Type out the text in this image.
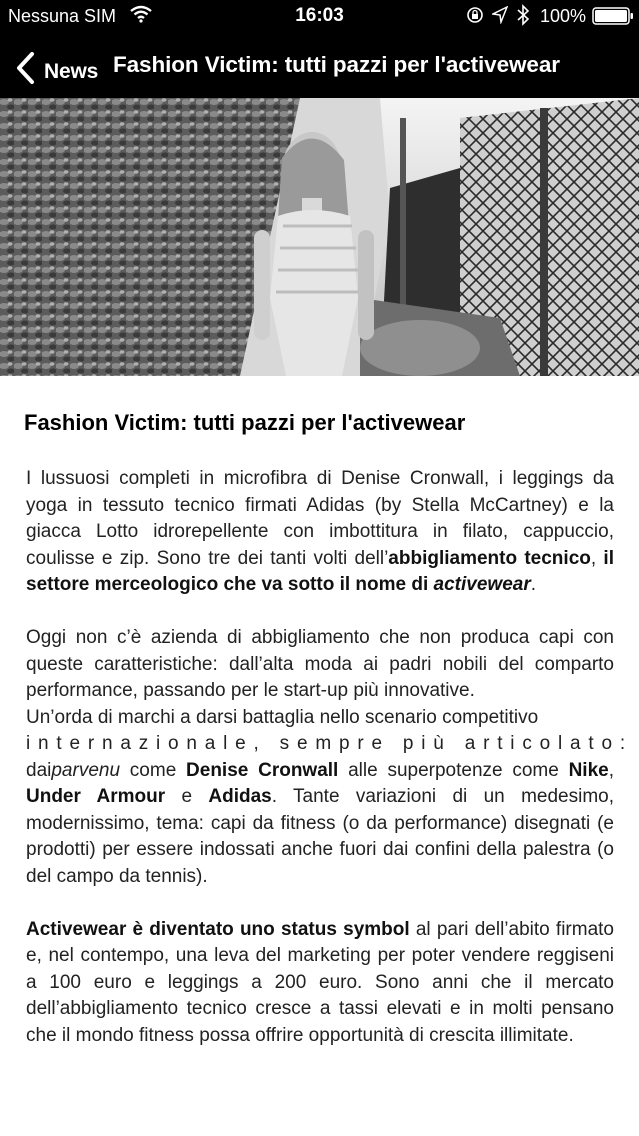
Nessuna SIM	16:03	100%
News Fashion Victim: tutti pazzi per l'activewear
Fashion Victim: tutti pazzi per l'activewear

I lussuosi completi in microfibra di Denise Cronwall, i leggings da yoga in tessuto tecnico firmati Adidas (by Stella McCartney) e la giacca Lotto idrorepellente con imbottitura in filato, cappuccio, coulisse e zip. Sono tre dei tanti volti dell’abbigliamento tecnico, il settore merceologico che va sotto il nome di activewear.

Oggi non c’è azienda di abbigliamento che non produca capi con queste caratteristiche: dall’alta moda ai padri nobili del comparto performance, passando per le start-up più innovative.

Un’orda di marchi a darsi battaglia nello scenario competitivo
internazionale, sempre più articolato:
daiparvenu come Denise Cronwall alle superpotenze come Nike, Under Armour e Adidas. Tante variazioni di un medesimo, modernissimo, tema: capi da fitness (o da performance) disegnati (e prodotti) per essere indossati anche fuori dai confini della palestra (o del campo da tennis).

Activewear è diventato uno status symbol al pari dell’abito firmato e, nel contempo, una leva del marketing per poter vendere reggiseni a 100 euro e leggings a 200 euro. Sono anni che il mercato dell’abbigliamento tecnico cresce a tassi elevati e in molti pensano che il mondo fitness possa offrire opportunità di crescita illimitate.
